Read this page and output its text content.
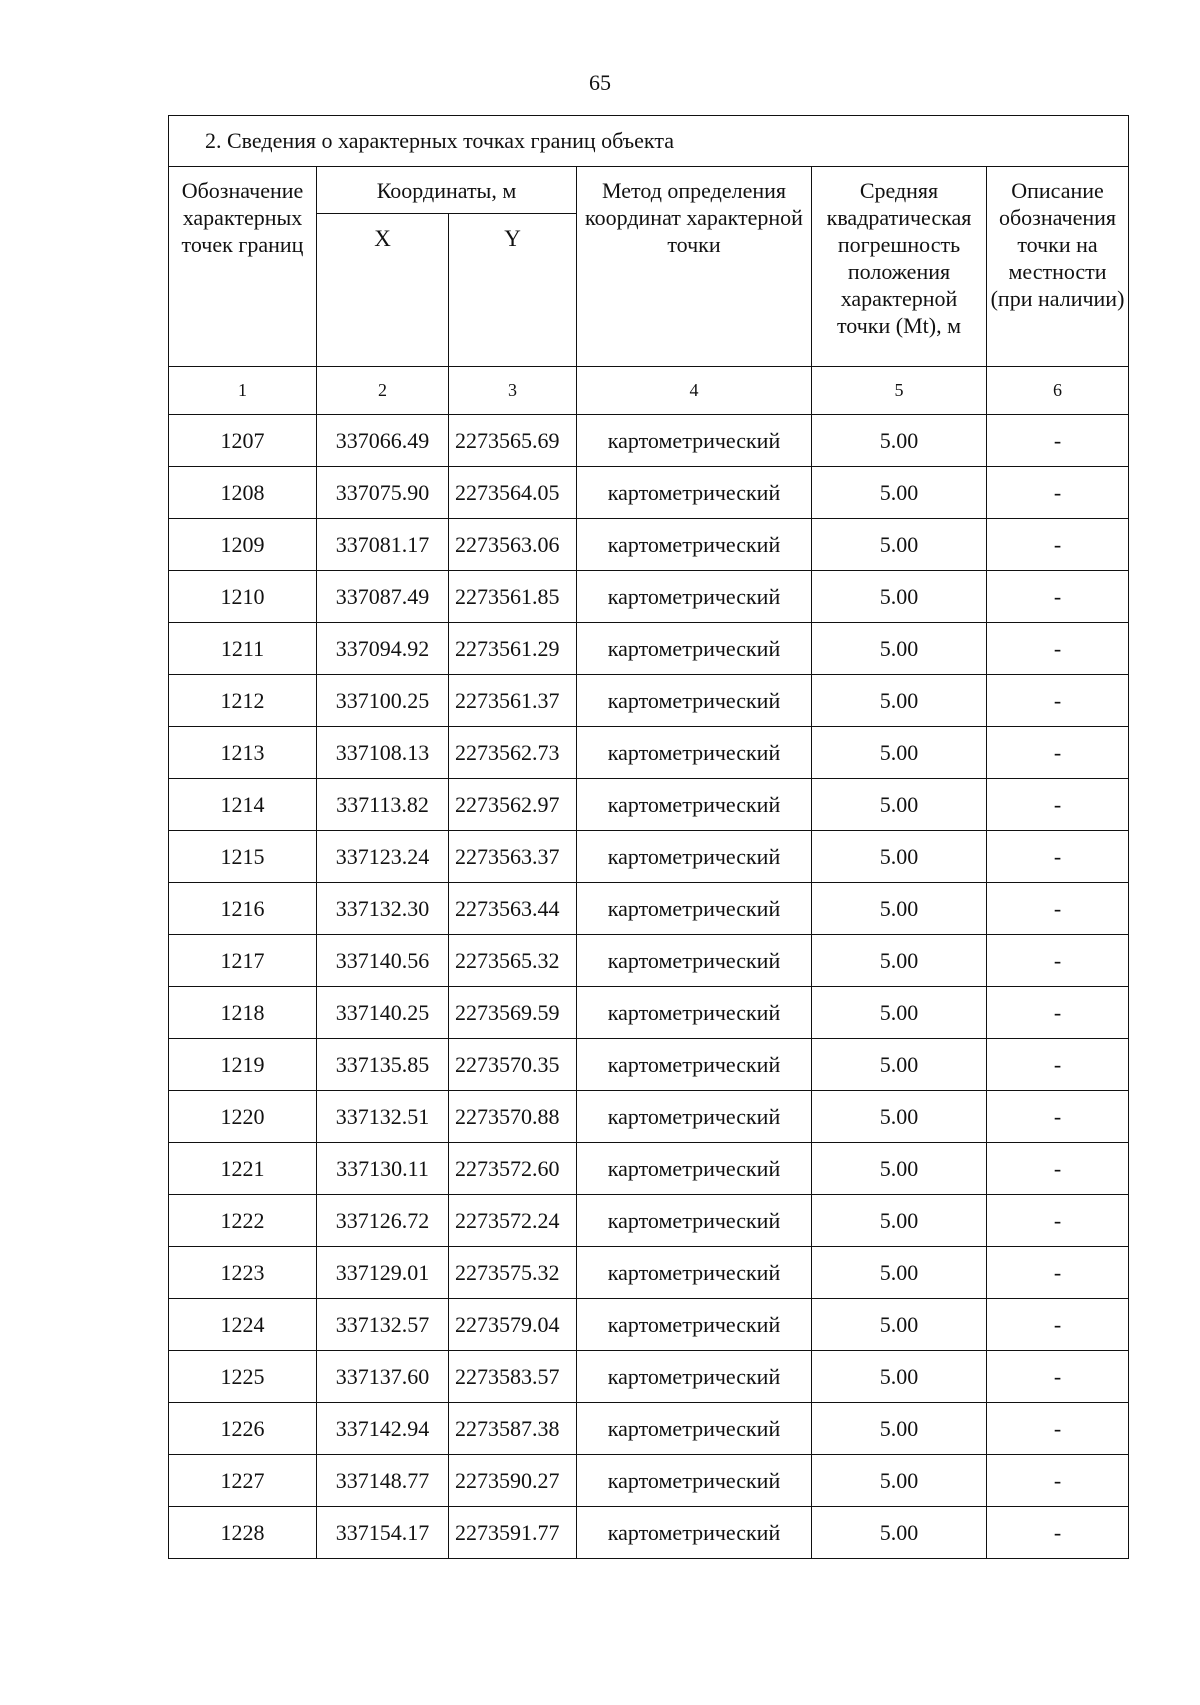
65
2. Сведения о характерных точках границ объекта					
Обозначение характерных точек границ	Координаты, м		Метод определения координат характерной точки	Средняя квадратическая погрешность положения характерной точки (Mt), м	Описание обозначения точки на местности (при наличии)
	X	Y			
1	2	3	4	5	6
1207	337066.49	2273565.69	картометрический	5.00	-
1208	337075.90	2273564.05	картометрический	5.00	-
1209	337081.17	2273563.06	картометрический	5.00	-
1210	337087.49	2273561.85	картометрический	5.00	-
1211	337094.92	2273561.29	картометрический	5.00	-
1212	337100.25	2273561.37	картометрический	5.00	-
1213	337108.13	2273562.73	картометрический	5.00	-
1214	337113.82	2273562.97	картометрический	5.00	-
1215	337123.24	2273563.37	картометрический	5.00	-
1216	337132.30	2273563.44	картометрический	5.00	-
1217	337140.56	2273565.32	картометрический	5.00	-
1218	337140.25	2273569.59	картометрический	5.00	-
1219	337135.85	2273570.35	картометрический	5.00	-
1220	337132.51	2273570.88	картометрический	5.00	-
1221	337130.11	2273572.60	картометрический	5.00	-
1222	337126.72	2273572.24	картометрический	5.00	-
1223	337129.01	2273575.32	картометрический	5.00	-
1224	337132.57	2273579.04	картометрический	5.00	-
1225	337137.60	2273583.57	картометрический	5.00	-
1226	337142.94	2273587.38	картометрический	5.00	-
1227	337148.77	2273590.27	картометрический	5.00	-
1228	337154.17	2273591.77	картометрический	5.00	-
